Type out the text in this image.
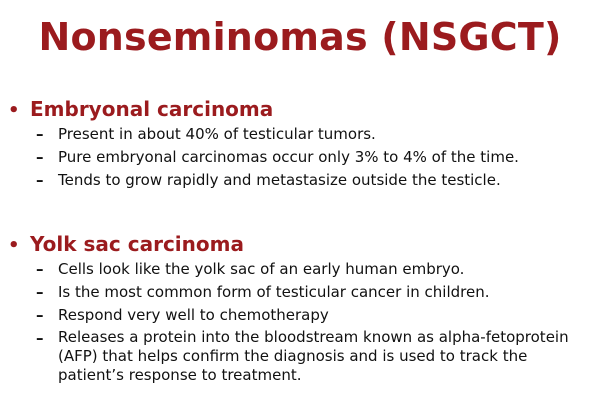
Nonseminomas (NSGCT)
• Embryonal carcinoma
– Present in about 40% of testicular tumors.
– Pure embryonal carcinomas occur only 3% to 4% of the time.
– Tends to grow rapidly and metastasize outside the testicle.
• Yolk sac carcinoma
– Cells look like the yolk sac of an early human embryo.
– Is the most common form of testicular cancer in children.
– Respond very well to chemotherapy
– Releases a protein into the bloodstream known as alpha-fetoprotein (AFP) that helps confirm the diagnosis and is used to track the patient’s response to treatment.
